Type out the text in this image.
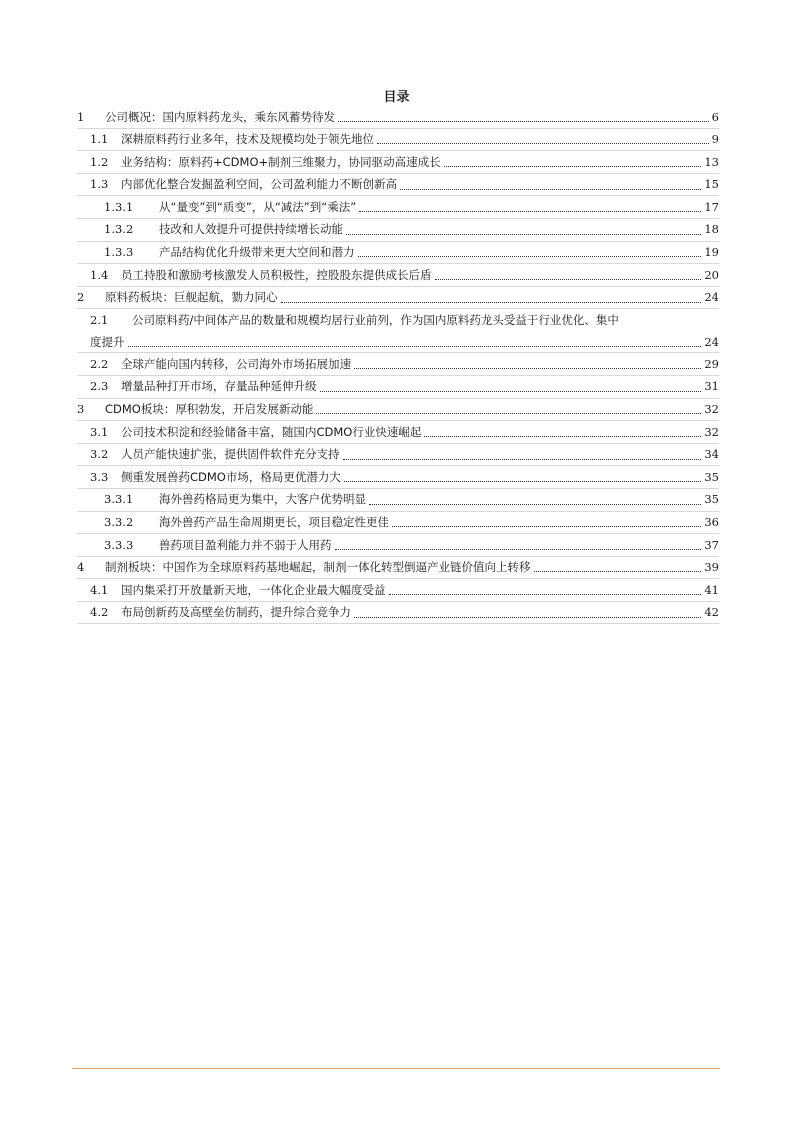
目录
1	公司概况：国内原料药龙头，乘东风蓄势待发	6
1.1	深耕原料药行业多年，技术及规模均处于领先地位	9
1.2	业务结构：原料药+CDMO+制剂三维聚力，协同驱动高速成长	13
1.3	内部优化整合发掘盈利空间，公司盈利能力不断创新高	15
1.3.1	从“量变”到“质变”，从“减法”到“乘法”	17
1.3.2	技改和人效提升可提供持续增长动能	18
1.3.3	产品结构优化升级带来更大空间和潜力	19
1.4	员工持股和激励考核激发人员积极性，控股股东提供成长后盾	20
2	原料药板块：巨舰起航，勠力同心	24
2.1 公司原料药/中间体产品的数量和规模均居行业前列，作为国内原料药龙头受益于行业优化、集中
度提升	24
2.2	全球产能向国内转移，公司海外市场拓展加速	29
2.3	增量品种打开市场，存量品种延伸升级	31
3	CDMO板块：厚积勃发，开启发展新动能	32
3.1	公司技术积淀和经验储备丰富，随国内CDMO行业快速崛起	32
3.2	人员产能快速扩张，提供固件软件充分支持	34
3.3	侧重发展兽药CDMO市场，格局更优潜力大	35
3.3.1	海外兽药格局更为集中，大客户优势明显	35
3.3.2	海外兽药产品生命周期更长，项目稳定性更佳	36
3.3.3	兽药项目盈利能力并不弱于人用药	37
4	制剂板块：中国作为全球原料药基地崛起，制剂一体化转型倒逼产业链价值向上转移	39
4.1	国内集采打开放量新天地，一体化企业最大幅度受益	41
4.2	布局创新药及高壁垒仿制药，提升综合竞争力	42
